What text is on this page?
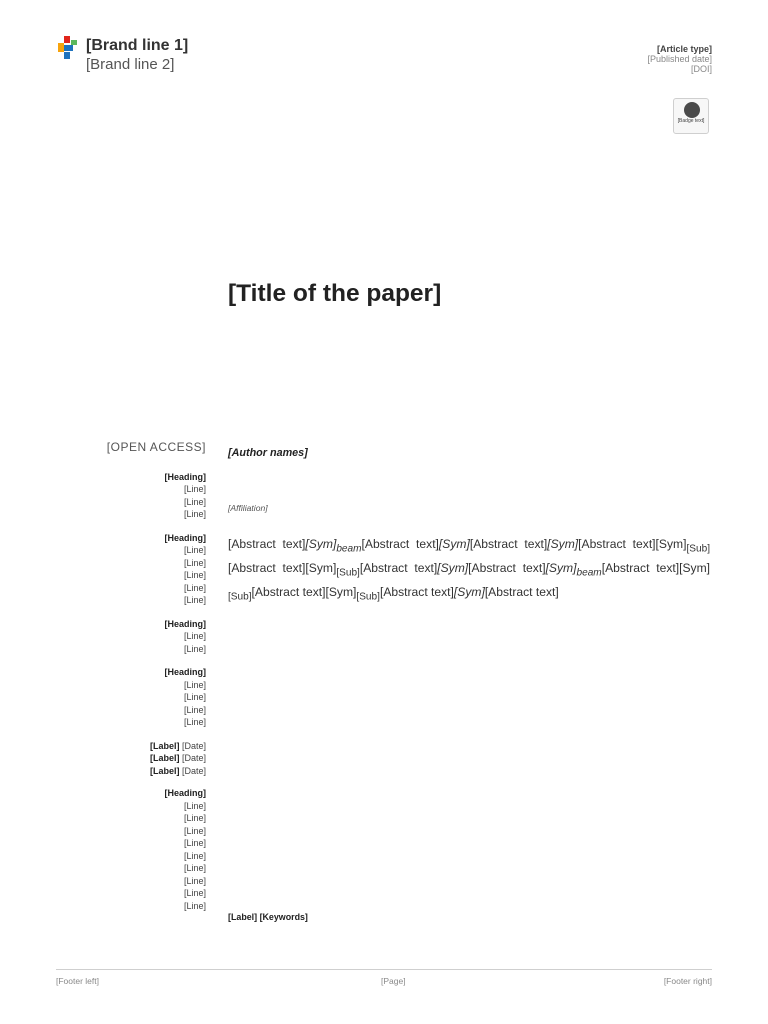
[Brand line 1]
[Brand line 2]
[Article type]
[Published date]
[DOI]
[Badge text]
[Title of the paper]
[OPEN ACCESS]
[Heading]

[Line]

[Line]

[Line]

[Heading]

[Line]

[Line]

[Line]

[Line]

[Line]

[Heading]

[Line]

[Line]

[Heading]

[Line]

[Line]

[Line]

[Line]

[Label] [Date]
[Label] [Date]
[Label] [Date]
[Heading]

[Line]

[Line]

[Line]

[Line]

[Line]

[Line]

[Line]

[Line]

[Line]

[Author names]
[Affiliation]
[Abstract $text][Sym]_{beam}[Abstract$ text][Sym][Abstract text][Sym][Abstract $text][Sym]_{[Sub]}[Abstract$ $text][Sym]_{[Sub]}[Abstract$ text][Sym][Abstract $text][Sym]_{beam}[Abstract$ $text][Sym]_{[Sub]}[Abstract$ $text][Sym]_{[Sub]}[Abstract$ text][Sym][Abstract text]
[Label] [Keywords]
[Footer left]	[Page]	[Footer right]
